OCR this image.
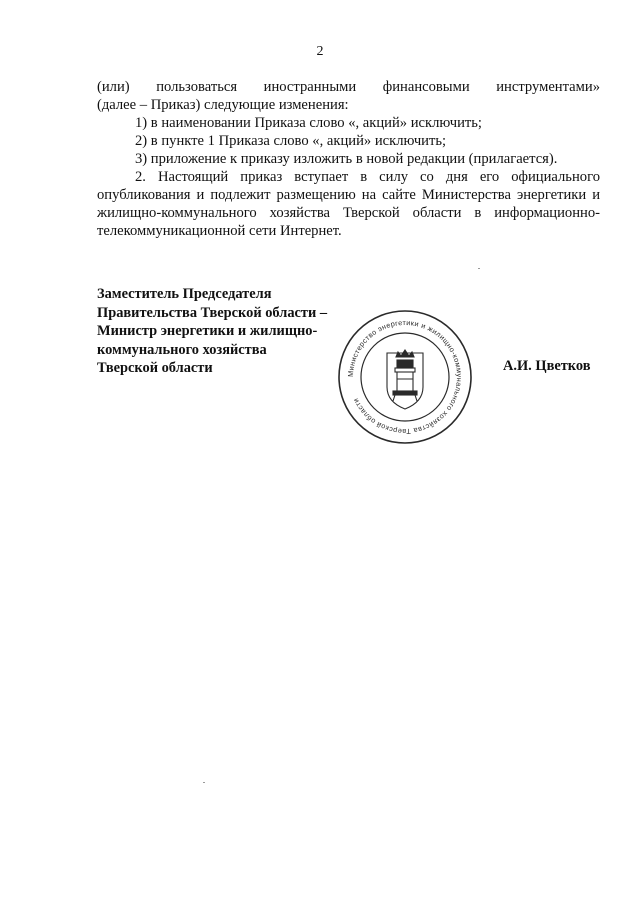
2

(или) пользоваться иностранными финансовыми инструментами»

(далее – Приказ) следующие изменения:

1) в наименовании Приказа слово «, акций» исключить;

2) в пункте 1 Приказа слово «, акций» исключить;

3) приложение к приказу изложить в новой редакции (прилагается).

2. Настоящий приказ вступает в силу со дня его официального опубликования и подлежит размещению на сайте Министерства энергетики и жилищно-коммунального хозяйства Тверской области в информационно-телекоммуникационной сети Интернет.

Заместитель Председателя
Правительства Тверской области –
Министр энергетики и жилищно-
коммунального хозяйства
Тверской области	Министерство энергетики и жилищно-коммунального хозяйства Тверской области
А.И. Цветков
